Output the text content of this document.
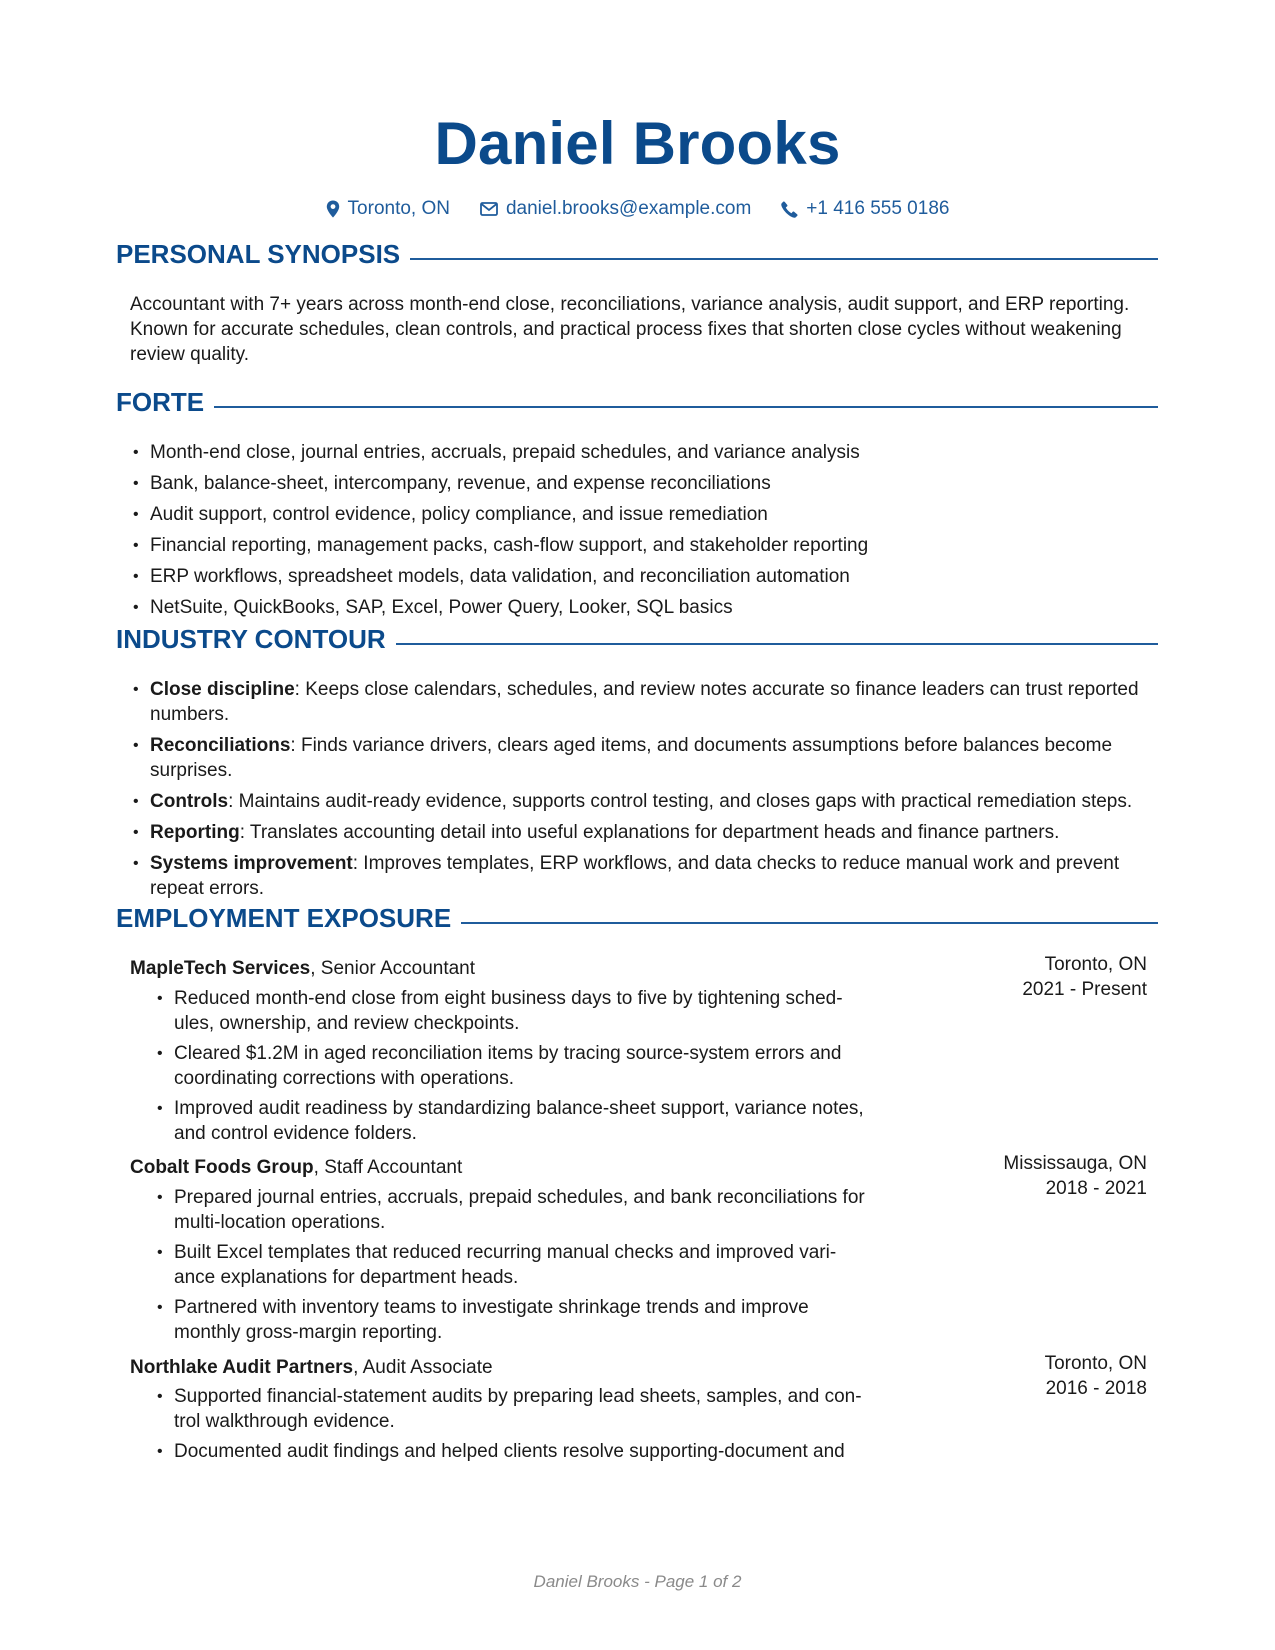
Daniel Brooks
Toronto, ON	daniel.brooks@example.com	+1 416 555 0186
PERSONAL SYNOPSIS
Accountant with 7+ years across month-end close, reconciliations, variance analysis, audit support, and ERP reporting. Known for accurate schedules, clean controls, and practical process fixes that shorten close cycles without weakening review quality.
FORTE
• Month-end close, journal entries, accruals, prepaid schedules, and variance analysis
• Bank, balance-sheet, intercompany, revenue, and expense reconciliations
• Audit support, control evidence, policy compliance, and issue remediation
• Financial reporting, management packs, cash-flow support, and stakeholder reporting
• ERP workflows, spreadsheet models, data validation, and reconciliation automation
• NetSuite, QuickBooks, SAP, Excel, Power Query, Looker, SQL basics
INDUSTRY CONTOUR
• Close discipline: Keeps close calendars, schedules, and review notes accurate so finance leaders can trust reported numbers.
• Reconciliations: Finds variance drivers, clears aged items, and documents assumptions before balances become surprises.
• Controls: Maintains audit-ready evidence, supports control testing, and closes gaps with practical remediation steps.
• Reporting: Translates accounting detail into useful explanations for department heads and finance partners.
• Systems improvement: Improves templates, ERP workflows, and data checks to reduce manual work and prevent repeat errors.
EMPLOYMENT EXPOSURE
MapleTech Services, Senior Accountant	Toronto, ON
2021 - Present
• Reduced month-end close from eight business days to five by tightening sched-ules, ownership, and review checkpoints.
• Cleared $1.2M in aged reconciliation items by tracing source-system errors and coordinating corrections with operations.
• Improved audit readiness by standardizing balance-sheet support, variance notes, and control evidence folders.
Cobalt Foods Group, Staff Accountant	Mississauga, ON
2018 - 2021
• Prepared journal entries, accruals, prepaid schedules, and bank reconciliations for multi-location operations.
• Built Excel templates that reduced recurring manual checks and improved vari-ance explanations for department heads.
• Partnered with inventory teams to investigate shrinkage trends and improve monthly gross-margin reporting.
Northlake Audit Partners, Audit Associate	Toronto, ON
2016 - 2018
• Supported financial-statement audits by preparing lead sheets, samples, and con-trol walkthrough evidence.
• Documented audit findings and helped clients resolve supporting-document and
Daniel Brooks - Page 1 of 2
